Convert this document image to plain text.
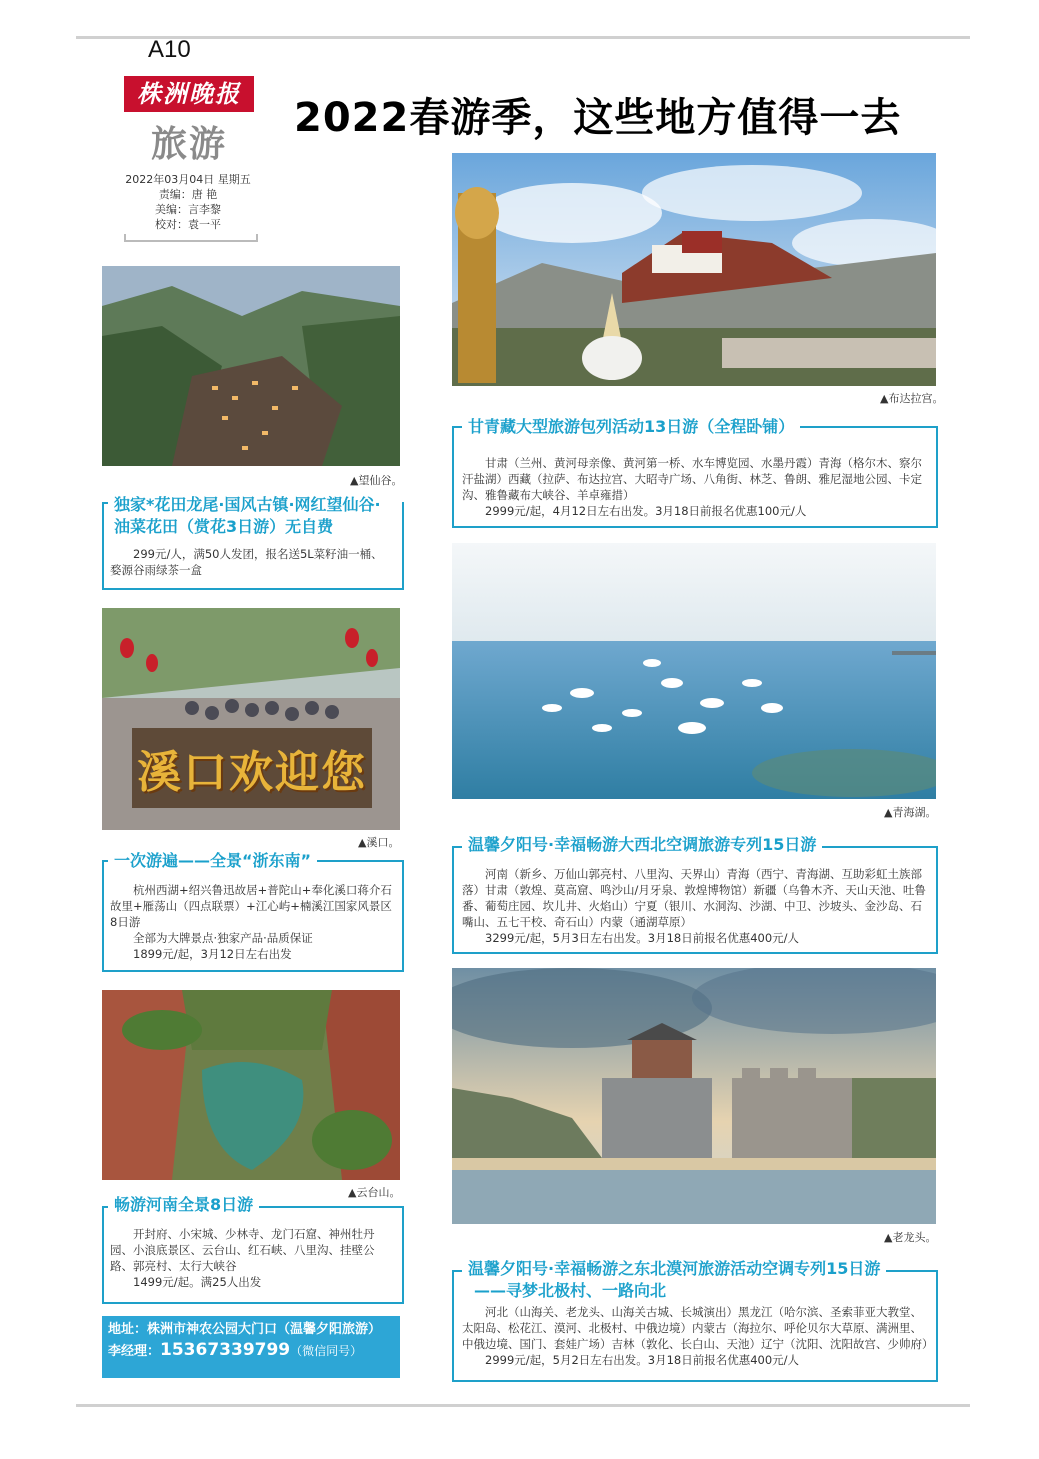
A10
株洲晚报
旅游
2022年03月04日 星期五
责编：唐 艳
美编：言李黎
校对：袁一平
2022春游季，这些地方值得一去
▲布达拉宫。
甘青藏大型旅游包列活动13日游（全程卧铺）

甘肃（兰州、黄河母亲像、黄河第一桥、水车博览园、水墨丹霞）青海（格尔木、察尔汗盐湖）西藏（拉萨、布达拉宫、大昭寺广场、八角街、林芝、鲁朗、雅尼湿地公园、卡定沟、雅鲁藏布大峡谷、羊卓雍措）

2999元/起，4月12日左右出发。3月18日前报名优惠100元/人

▲青海湖。
温馨夕阳号·幸福畅游大西北空调旅游专列15日游

河南（新乡、万仙山郭亮村、八里沟、天界山）青海（西宁、青海湖、互助彩虹土族部落）甘肃（敦煌、莫高窟、鸣沙山/月牙泉、敦煌博物馆）新疆（乌鲁木齐、天山天池、吐鲁番、葡萄庄园、坎儿井、火焰山）宁夏（银川、水洞沟、沙湖、中卫、沙坡头、金沙岛、石嘴山、五七干校、奇石山）内蒙（通湖草原）

3299元/起，5月3日左右出发。3月18日前报名优惠400元/人

▲老龙头。
温馨夕阳号·幸福畅游之东北漠河旅游活动空调专列15日游
——寻梦北极村、一路向北

河北（山海关、老龙头、山海关古城、长城演出）黑龙江（哈尔滨、圣索菲亚大教堂、太阳岛、松花江、漠河、北极村、中俄边境）内蒙古（海拉尔、呼伦贝尔大草原、满洲里、中俄边境、国门、套娃广场）吉林（敦化、长白山、天池）辽宁（沈阳、沈阳故宫、少帅府）

2999元/起，5月2日左右出发。3月18日前报名优惠400元/人

▲望仙谷。
独家*花田龙尾·国风古镇·网红望仙谷·油菜花田（赏花3日游）无自费

299元/人，满50人发团，报名送5L菜籽油一桶、婺源谷雨绿茶一盒

溪口欢迎您
▲溪口。
一次游遍——全景“浙东南”

杭州西湖+绍兴鲁迅故居+普陀山+奉化溪口蒋介石故里+雁荡山（四点联票）+江心屿+楠溪江国家风景区8日游

全部为大牌景点·独家产品·品质保证

1899元/起，3月12日左右出发

▲云台山。
畅游河南全景8日游

开封府、小宋城、少林寺、龙门石窟、神州牡丹园、小浪底景区、云台山、红石峡、八里沟、挂壁公路、郭亮村、太行大峡谷

1499元/起。满25人出发

地址：株洲市神农公园大门口（温馨夕阳旅游）
李经理：15367339799（微信同号）
